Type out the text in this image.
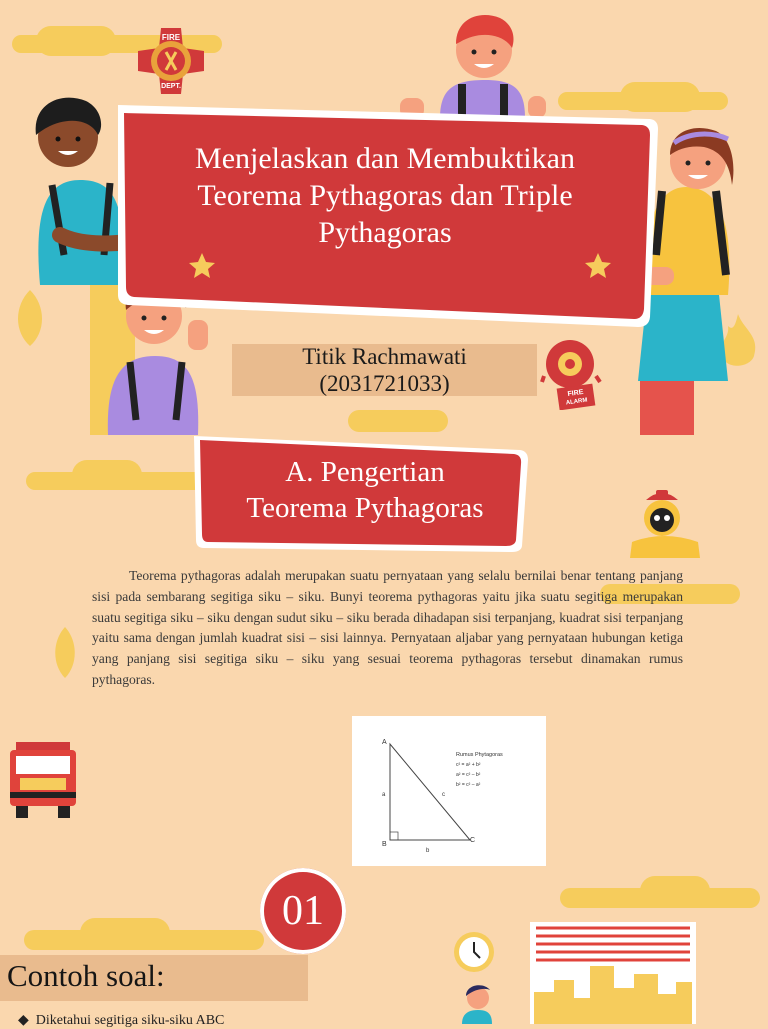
FIRE
DEPT.
Menjelaskan dan Membuktikan
Teorema Pythagoras dan Triple
Pythagoras
Titik Rachmawati
(2031721033)	FIRE
ALARM
A. Pengertian
Teorema Pythagoras
Teorema pythagoras adalah merupakan suatu pernyataan yang selalu bernilai benar tentang panjang sisi pada sembarang segitiga siku – siku. Bunyi teorema pythagoras yaitu jika suatu segitiga merupakan suatu segitiga siku – siku dengan sudut siku – siku berada dihadapan sisi terpanjang, kuadrat sisi terpanjang yaitu sama dengan jumlah kuadrat sisi – sisi lainnya. Pernyataan aljabar yang pernyataan hubungan ketiga yang panjang sisi segitiga siku – siku yang sesuai teorema pythagoras tersebut dinamakan rumus pythagoras.
A
B
C
a
b
c
Rumus Phytagoras
c² = a² + b²
a² = c² – b²
b² = c² – a²
01
Contoh soal:
◆  Diketahui segitiga siku-siku ABC
